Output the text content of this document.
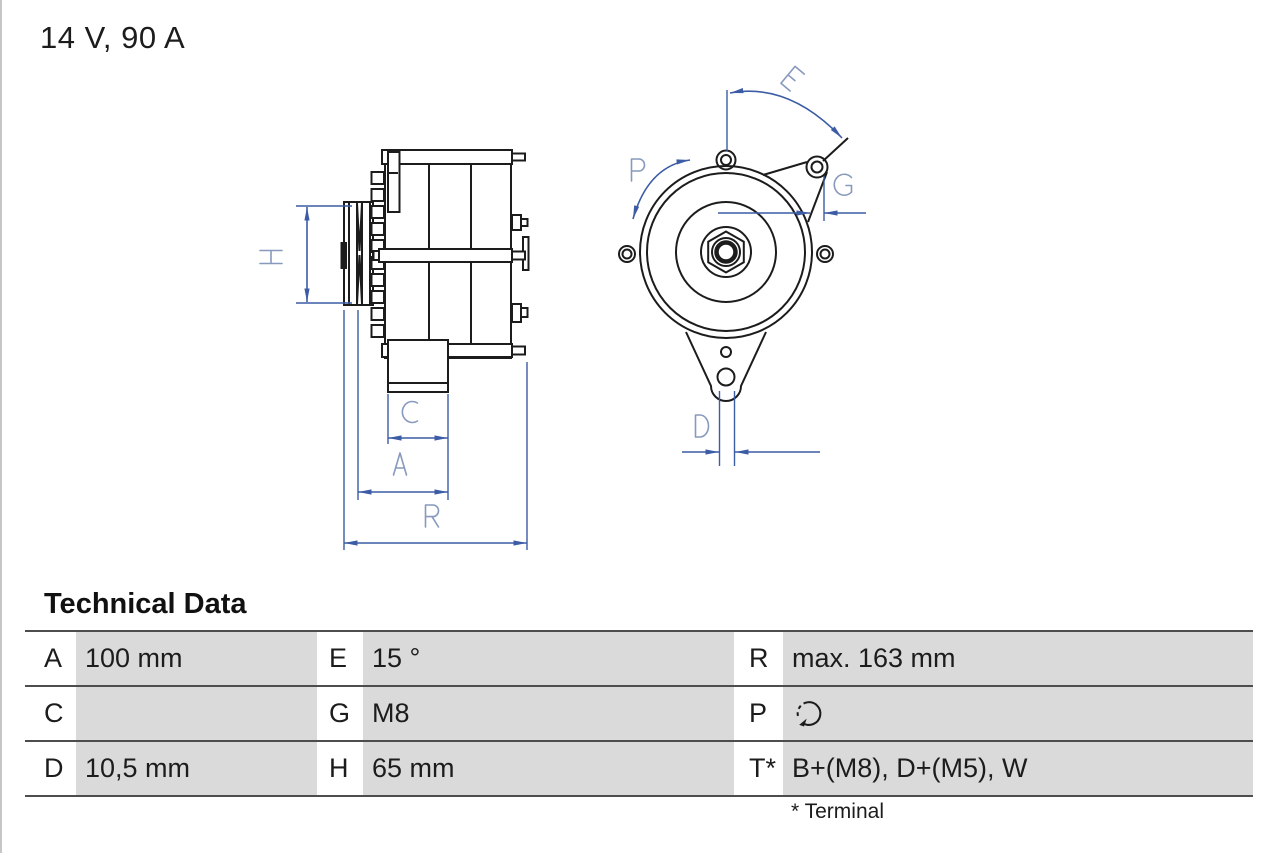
14 V, 90 A
Technical Data
A 100 mm	E 15 °	R max. 163 mm
C	G M8	P
D 10,5 mm	H 65 mm	T* B+(M8), D+(M5), W
* Terminal
